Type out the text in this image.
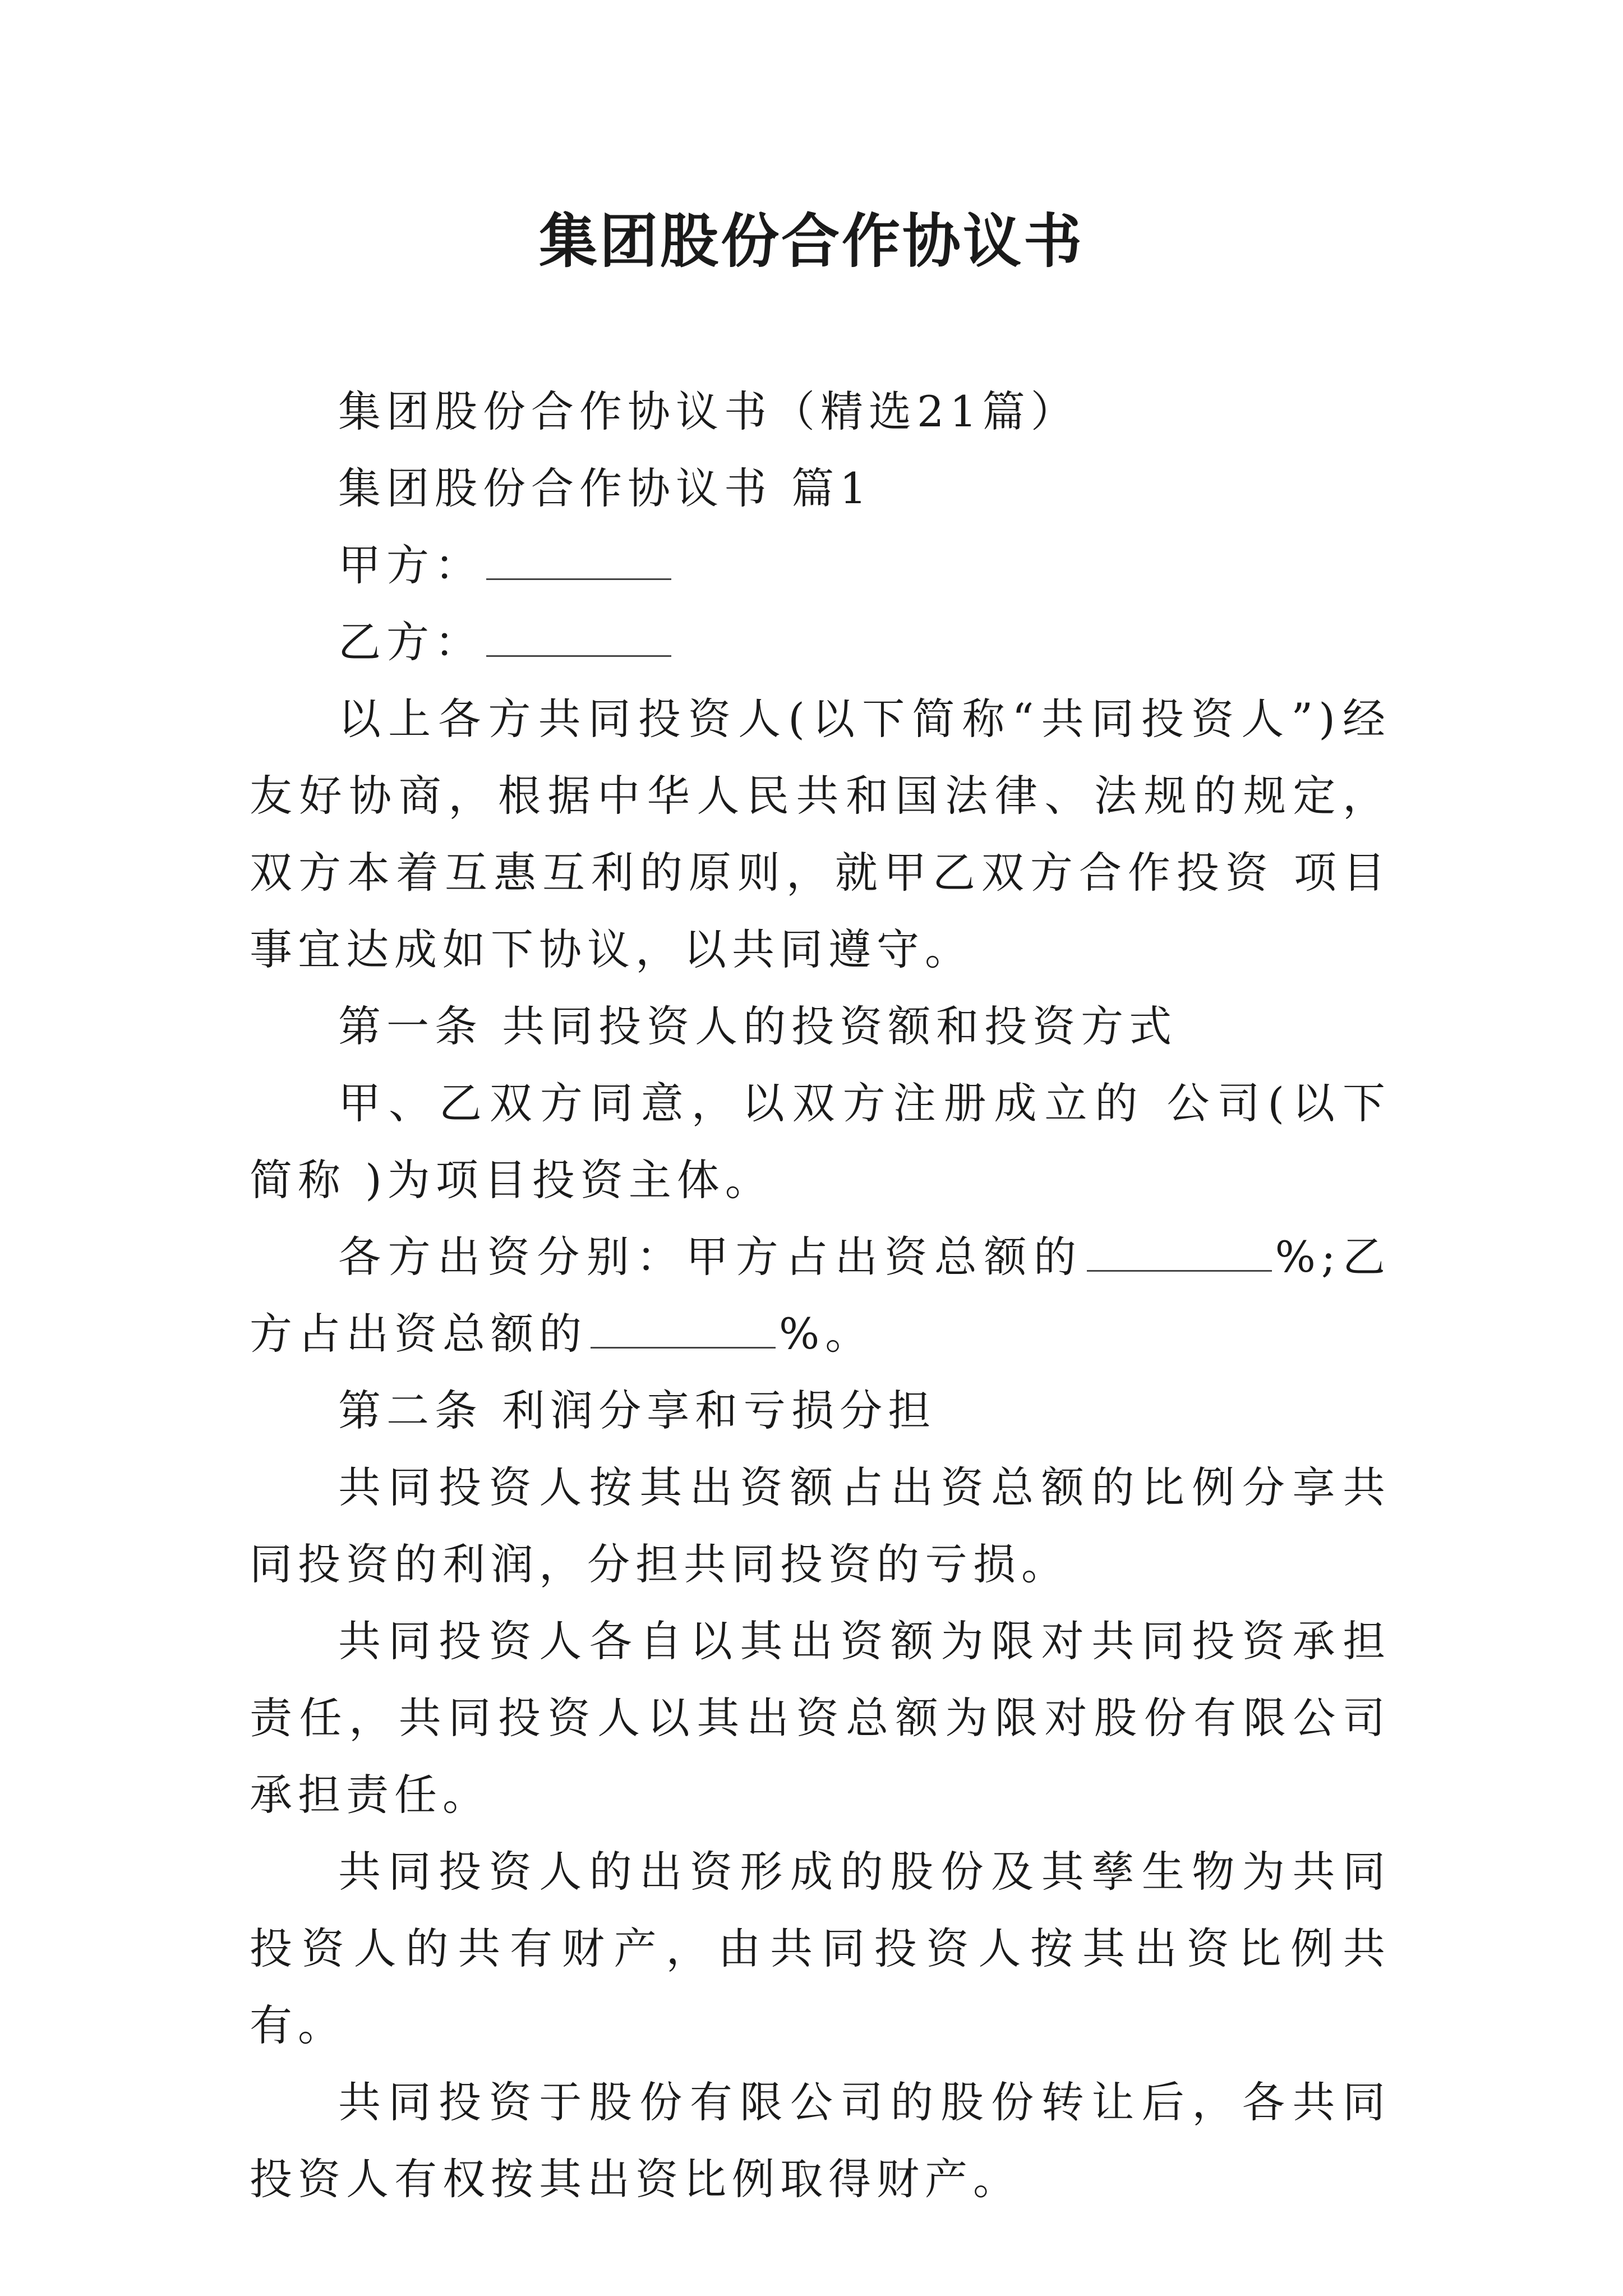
集团股份合作协议书

集团股份合作协议书（精选21篇）

集团股份合作协议书 篇1

甲方：

乙方：

以上各方共同投资人(以下简称“共同投资人”)经友好协商，根据中华人民共和国法律、法规的规定，双方本着互惠互利的原则，就甲乙双方合作投资 项目事宜达成如下协议，以共同遵守。

第一条 共同投资人的投资额和投资方式

甲、乙双方同意，以双方注册成立的 公司(以下简称 )为项目投资主体。

各方出资分别：甲方占出资总额的	%;乙方占出资总额的	%。

第二条 利润分享和亏损分担

共同投资人按其出资额占出资总额的比例分享共同投资的利润，分担共同投资的亏损。

共同投资人各自以其出资额为限对共同投资承担责任，共同投资人以其出资总额为限对股份有限公司承担责任。

共同投资人的出资形成的股份及其孳生物为共同投资人的共有财产，由共同投资人按其出资比例共有。

共同投资于股份有限公司的股份转让后，各共同投资人有权按其出资比例取得财产。
